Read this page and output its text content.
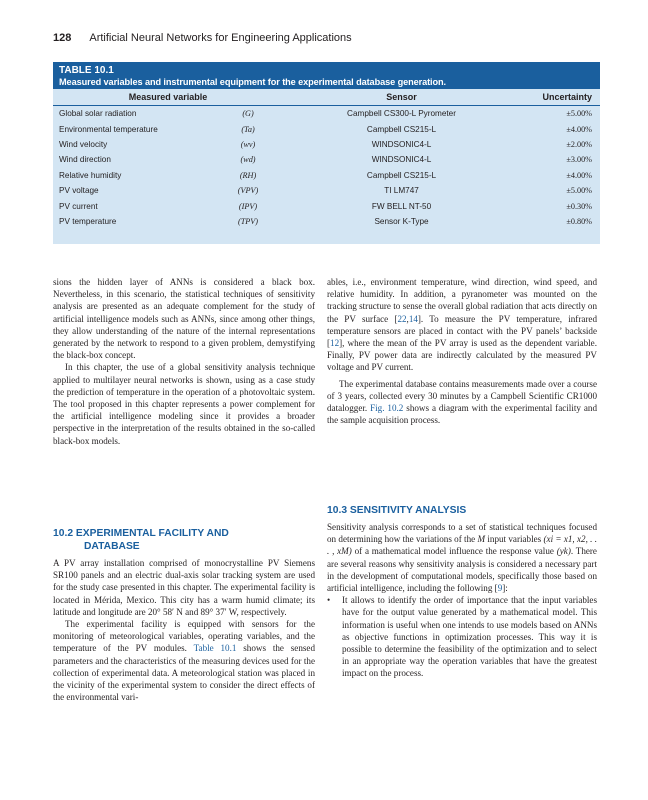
128 Artificial Neural Networks for Engineering Applications
TABLE 10.1
Measured variables and instrumental equipment for the experimental database generation.
Measured variable		Sensor	Uncertainty
Global solar radiation	(G)	Campbell CS300-L Pyrometer	±5.00%
Environmental temperature	(Ta)	Campbell CS215-L	±4.00%
Wind velocity	(wv)	WINDSONIC4-L	±2.00%
Wind direction	(wd)	WINDSONIC4-L	±3.00%
Relative humidity	(RH)	Campbell CS215-L	±4.00%
PV voltage	(VPV)	TI LM747	±5.00%
PV current	(IPV)	FW BELL NT-50	±0.30%
PV temperature	(TPV)	Sensor K-Type	±0.80%

sions the hidden layer of ANNs is considered a black box. Nevertheless, in this scenario, the statistical techniques of sensitivity analysis are presented as an adequate complement for the study of artificial intelligence models such as ANNs, since among other things, they allow understanding of the nature of the internal representations generated by the network to respond to a given problem, demystifying the black-box concept.

In this chapter, the use of a global sensitivity analysis technique applied to multilayer neural networks is shown, using as a case study the prediction of temperature in the operation of a photovoltaic system. The tool proposed in this chapter represents a power complement for the artificial intelligence modeling since it provides a broader perspective in the interpretation of the results obtained in the so-called black-box models.

10.2 EXPERIMENTAL FACILITY AND
DATABASE

A PV array installation comprised of monocrystalline PV Siemens SR100 panels and an electric dual-axis solar tracking system are used for the study case presented in this chapter. The experimental facility is located in Mérida, Mexico. This city has a warm humid climate; its latitude and longitude are 20° 58′ N and 89° 37′ W, respectively.

The experimental facility is equipped with sensors for the monitoring of meteorological variables, operating variables, and the temperature of the PV modules. Table 10.1 shows the sensed parameters and the characteristics of the measuring devices used for the collection of experimental data. A meteorological station was placed in the vicinity of the experimental system to consider the direct effects of the environmental vari-

ables, i.e., environment temperature, wind direction, wind speed, and relative humidity. In addition, a pyranometer was mounted on the tracking structure to sense the overall global radiation that acts directly on the PV surface [22,14]. To measure the PV temperature, infrared temperature sensors are placed in contact with the PV panels’ backside [12], where the mean of the PV array is used as the dependent variable. Finally, PV power data are indirectly calculated by the measured PV voltage and PV current.

The experimental database contains measurements made over a course of 3 years, collected every 30 minutes by a Campbell Scientific CR1000 datalogger. Fig. 10.2 shows a diagram with the experimental facility and the sample acquisition process.

10.3 SENSITIVITY ANALYSIS

Sensitivity analysis corresponds to a set of statistical techniques focused on determining how the variations of the M input variables (xi = x1, x2, . . . , xM) of a mathematical model influence the response value (yk). There are several reasons why sensitivity analysis is considered a necessary part in the development of computational models, specifically those based on artificial intelligence, including the following [9]:

• It allows to identify the order of importance that the input variables have for the output value generated by a mathematical model. This information is useful when one intends to use models based on ANNs as objective functions in optimization processes. This way it is possible to determine the feasibility of the optimization and to select in an appropriate way the operation variables that have the greatest impact on the process.
